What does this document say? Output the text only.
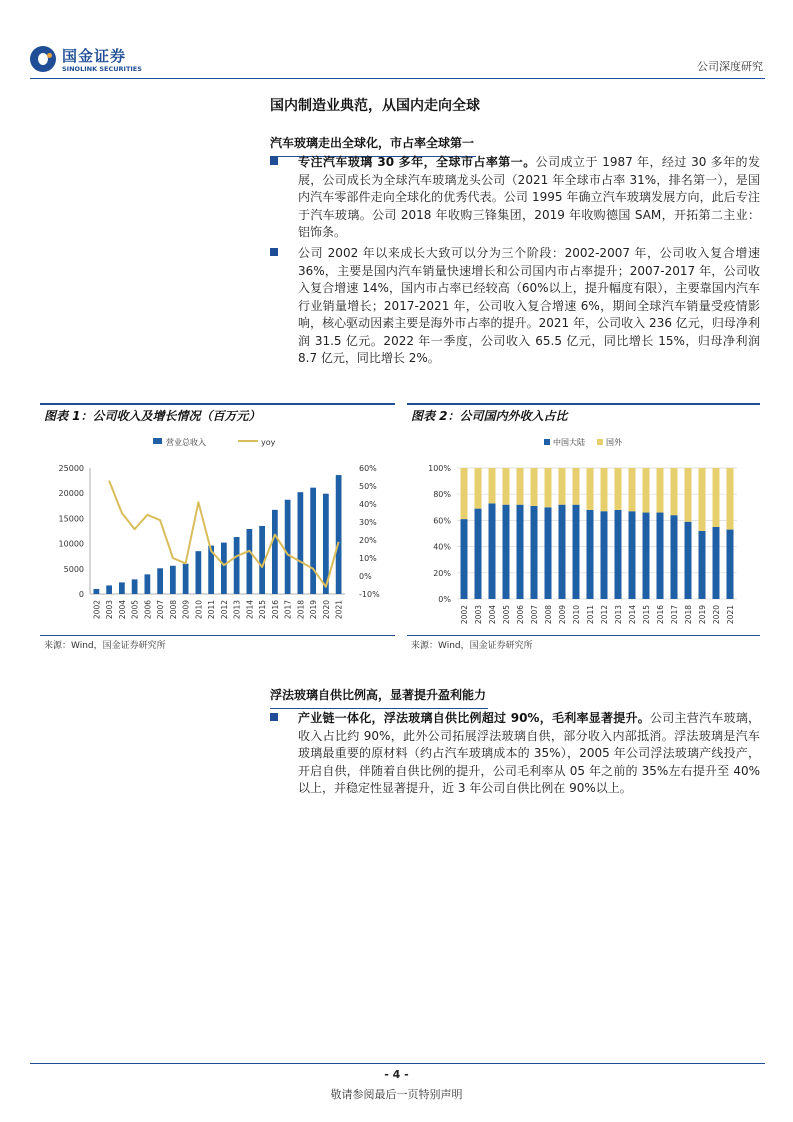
国金证券
SINOLINK SECURITIES	公司深度研究
国内制造业典范，从国内走向全球
汽车玻璃走出全球化，市占率全球第一
专注汽车玻璃 30 多年，全球市占率第一。公司成立于 1987 年，经过 30 多年的发展，公司成长为全球汽车玻璃龙头公司（2021 年全球市占率 31%，排名第一），是国内汽车零部件走向全球化的优秀代表。公司 1995 年确立汽车玻璃发展方向，此后专注于汽车玻璃。公司 2018 年收购三锋集团，2019 年收购德国 SAM，开拓第二主业：铝饰条。
公司 2002 年以来成长大致可以分为三个阶段：2002-2007 年，公司收入复合增速 36%，主要是国内汽车销量快速增长和公司国内市占率提升；2007-2017 年，公司收入复合增速 14%，国内市占率已经较高（60%以上，提升幅度有限），主要靠国内汽车行业销量增长；2017-2021 年，公司收入复合增速 6%，期间全球汽车销量受疫情影响，核心驱动因素主要是海外市占率的提升。2021 年，公司收入 236 亿元，归母净利润 31.5 亿元。2022 年一季度，公司收入 65.5 亿元，同比增长 15%，归母净利润 8.7 亿元，同比增长 2%。
图表 1：公司收入及增长情况（百万元）
营业总收入	yoy
0
5000
10000
15000
20000
25000
-10%
0%
10%
20%
30%
40%
50%
60%
2002 2003 2004 2005 2006 2007 2008 2009 2010 2011 2012 2013 2014 2015 2016 2017 2018 2019 2020 2021
来源：Wind，国金证券研究所
图表 2：公司国内外收入占比
中国大陆	国外
0%
20%
40%
60%
80%
100%
2002 2003 2004 2005 2006 2007 2008 2009 2010 2011 2012 2013 2014 2015 2016 2017 2018 2019 2020 2021
来源：Wind，国金证券研究所
浮法玻璃自供比例高，显著提升盈利能力
产业链一体化，浮法玻璃自供比例超过 90%，毛利率显著提升。公司主营汽车玻璃，收入占比约 90%，此外公司拓展浮法玻璃自供，部分收入内部抵消。浮法玻璃是汽车玻璃最重要的原材料（约占汽车玻璃成本的 35%），2005 年公司浮法玻璃产线投产，开启自供，伴随着自供比例的提升，公司毛利率从 05 年之前的 35%左右提升至 40%以上，并稳定性显著提升，近 3 年公司自供比例在 90%以上。
- 4 -
敬请参阅最后一页特别声明
